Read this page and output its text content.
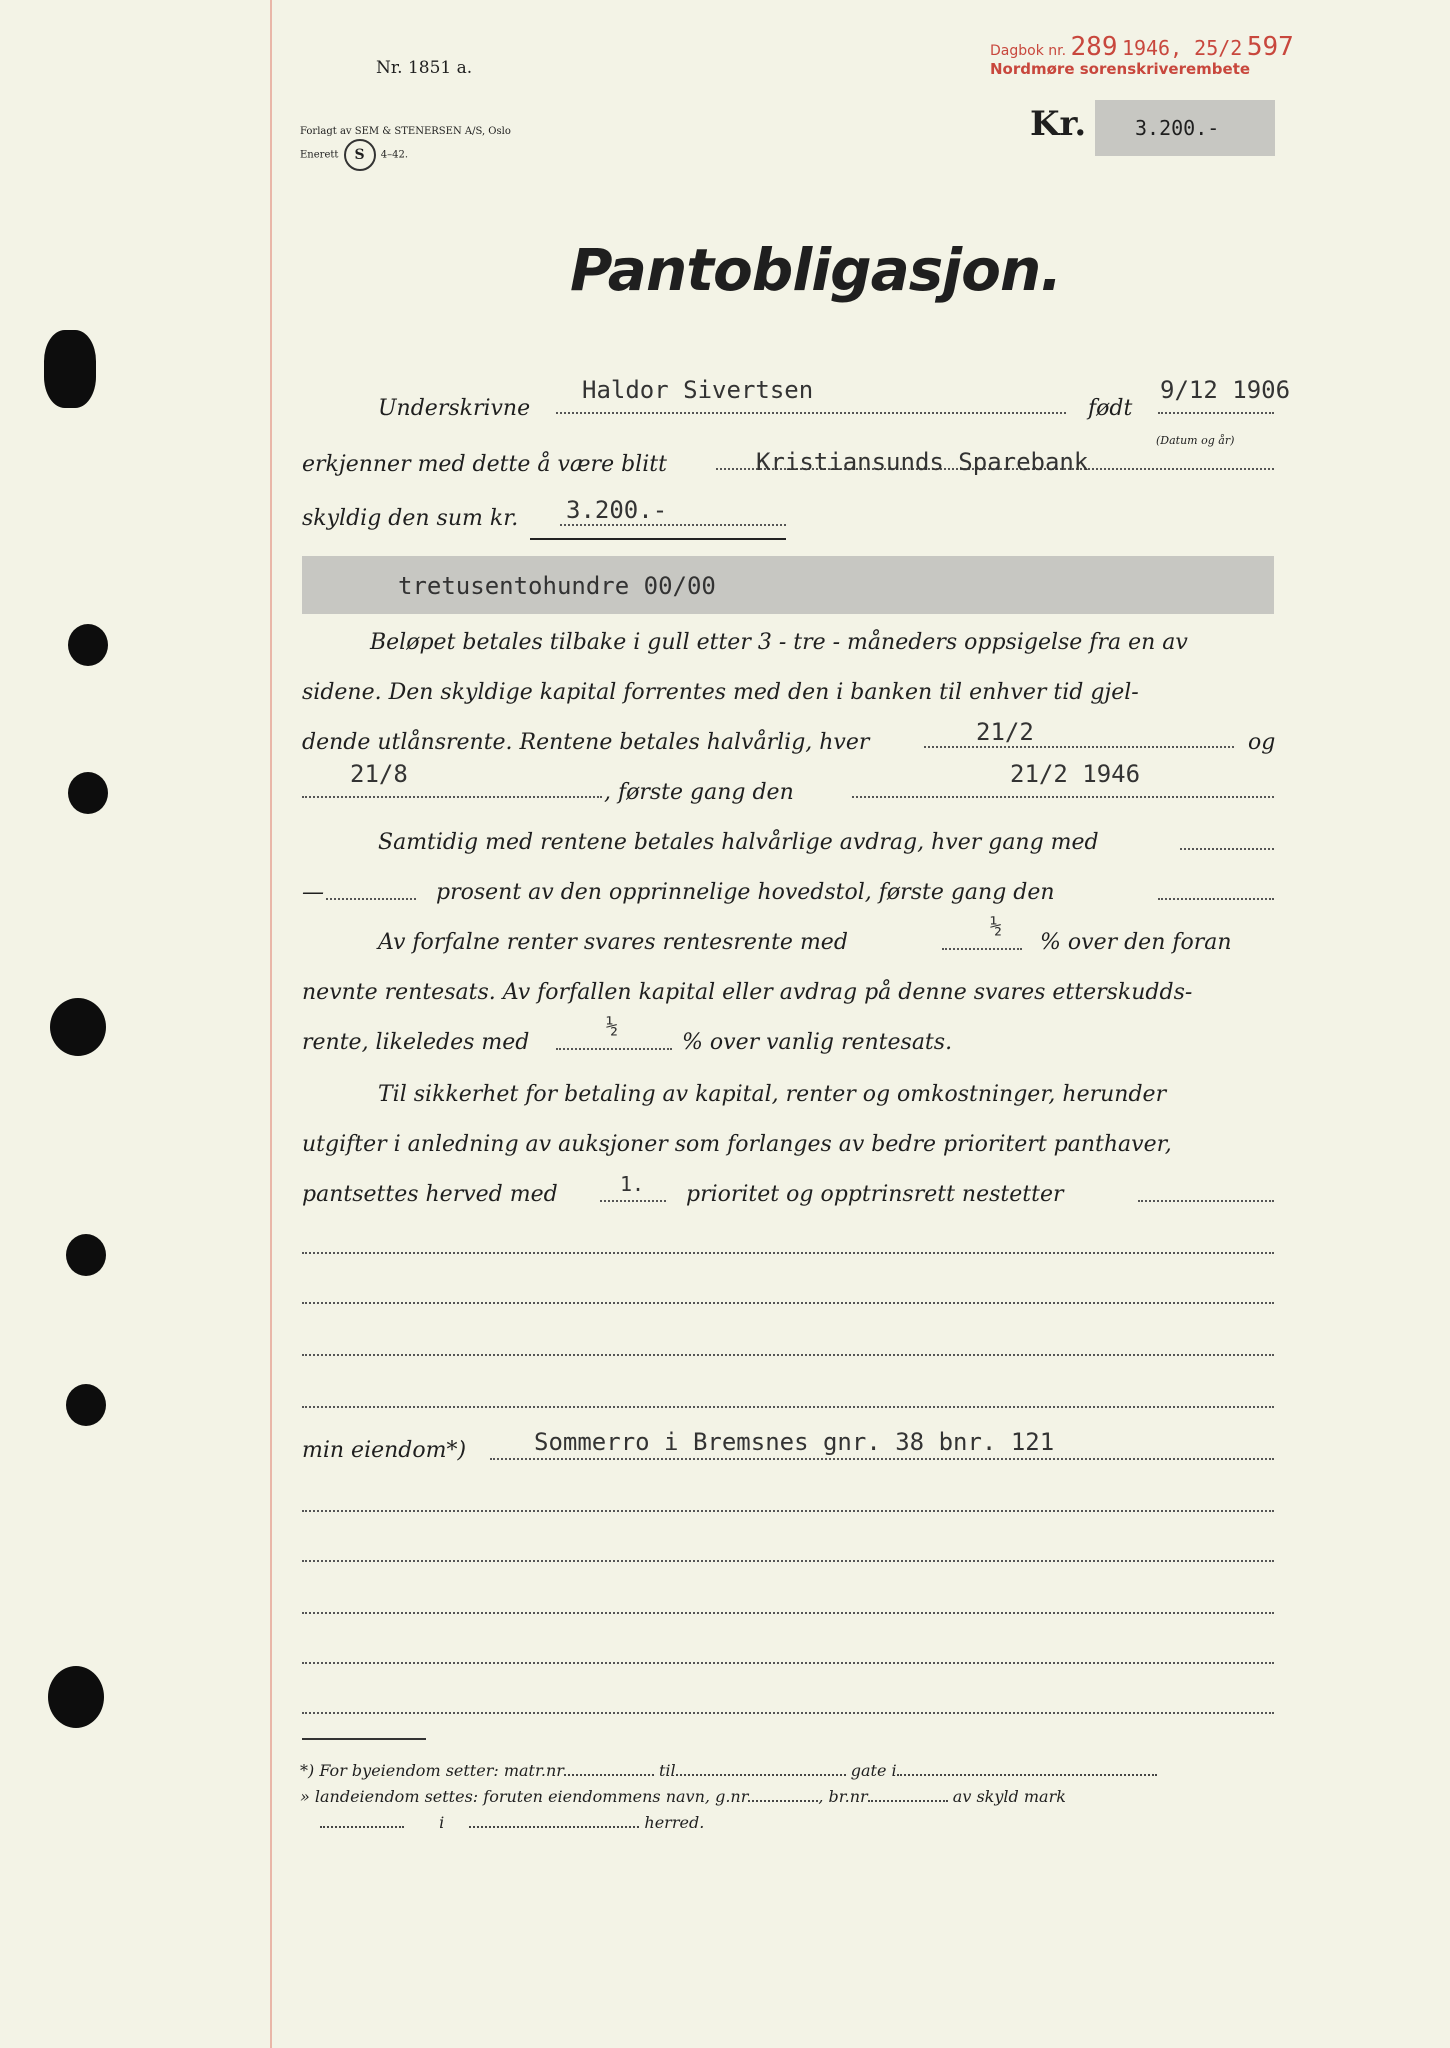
Nr. 1851 a.
Forlagt av SEM & STENERSEN A/S, Oslo
Enerett S 4–42.
Dagbok nr. 289 1946, 25/2 597
Nordmøre sorenskriverembete
Kr.	3.200.-
Pantobligasjon.
Underskrivne
Haldor Sivertsen
født
9/12 1906
(Datum og år)
erkjenner med dette å være blitt	Kristiansunds Sparebank
skyldig den sum kr. 3.200.-
tretusentohundre 00/00
Beløpet betales tilbake i gull etter 3 - tre - måneders oppsigelse fra en av
sidene. Den skyldige kapital forrentes med den i banken til enhver tid gjel-
dende utlånsrente. Rentene betales halvårlig, hver	21/2	og
21/8
, første gang den
21/2 1946
Samtidig med rentene betales halvårlige avdrag, hver gang med
—	prosent av den opprinnelige hovedstol, første gang den
Av forfalne renter svares rentesrente med
½
% over den foran
nevnte rentesats. Av forfallen kapital eller avdrag på denne svares etterskudds-
rente, likeledes med
½
% over vanlig rentesats.
Til sikkerhet for betaling av kapital, renter og omkostninger, herunder
utgifter i anledning av auksjoner som forlanges av bedre prioritert panthaver,
pantsettes herved med	1. prioritet og opptrinsrett nestetter
min eiendom*)	Sommerro i Bremsnes gnr. 38 bnr. 121
*) For byeiendom setter: matr.nr	til	gate i
» landeiendom settes: foruten eiendommens navn, g.nr	, br.nr	av skyld mark
i	herred.
